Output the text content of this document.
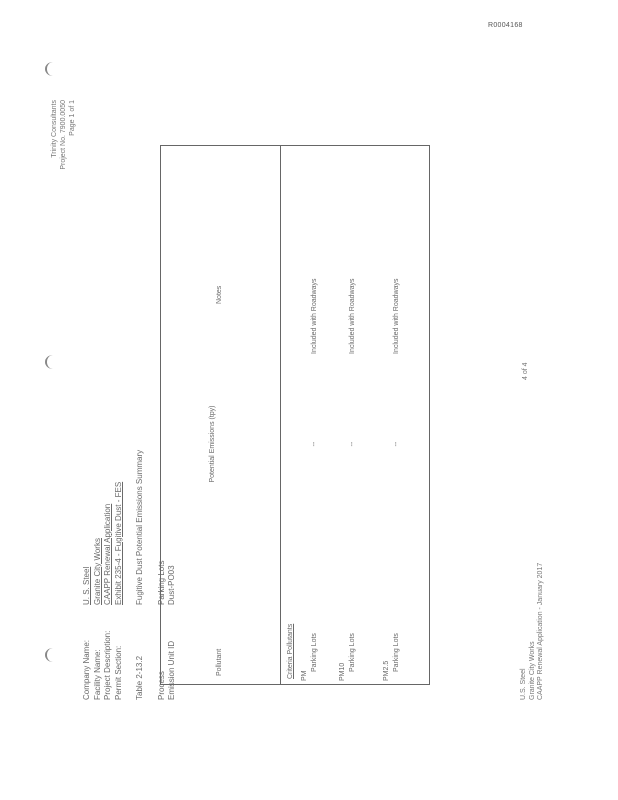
R0004168
Company Name:
U. S. Steel
Facility Name:
Granite City Works
Project Description:
CAAPP Renewal Application
Permit Section:
Exhibit 235-4 - Fugitive Dust - FES
Table 2-13.2
Fugitive Dust Potential Emissions Summary
Process
Parking Lots
Emission Unit ID
Dust-PO03
Trinity Consultants Project No. 7900.0050 Page 1 of 1
Pollutant
Potential Emissions (tpy)
Notes
Criteria Pollutants PM
Parking Lots
--
Included with Roadways
PM10 Parking Lots
--
Included with Roadways
PM2.5 Parking Lots
--
Included with Roadways
U.S. Steel Granite City Works CAAPP Renewal Application - January 2017
4 of 4
